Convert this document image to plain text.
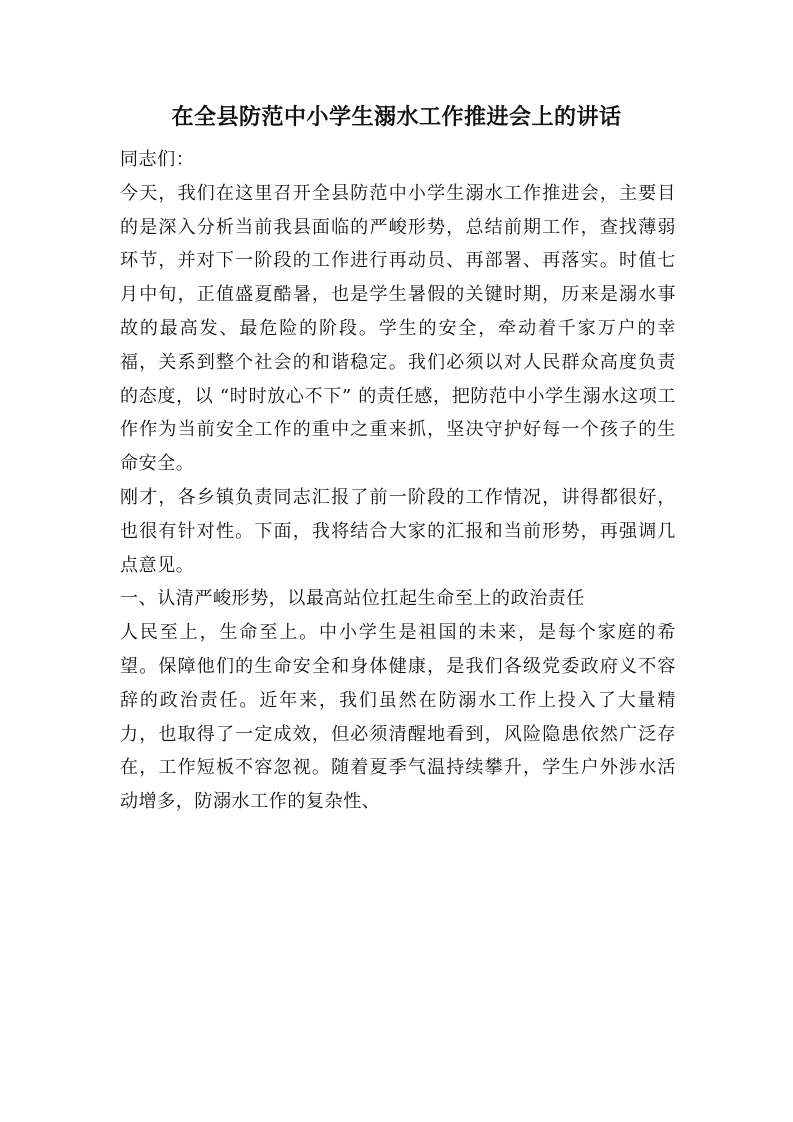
在全县防范中小学生溺水工作推进会上的讲话

同志们：

今天，我们在这里召开全县防范中小学生溺水工作推进会，主要目的是深入分析当前我县面临的严峻形势，总结前期工作，查找薄弱环节，并对下一阶段的工作进行再动员、再部署、再落实。时值七月中旬，正值盛夏酷暑，也是学生暑假的关键时期，历来是溺水事故的最高发、最危险的阶段。学生的安全，牵动着千家万户的幸福，关系到整个社会的和谐稳定。我们必须以对人民群众高度负责的态度，以 “时时放心不下” 的责任感，把防范中小学生溺水这项工作作为当前安全工作的重中之重来抓，坚决守护好每一个孩子的生命安全。

刚才，各乡镇负责同志汇报了前一阶段的工作情况，讲得都很好，也很有针对性。下面，我将结合大家的汇报和当前形势，再强调几点意见。

一、认清严峻形势，以最高站位扛起生命至上的政治责任

人民至上，生命至上。中小学生是祖国的未来，是每个家庭的希望。保障他们的生命安全和身体健康，是我们各级党委政府义不容辞的政治责任。近年来，我们虽然在防溺水工作上投入了大量精力，也取得了一定成效，但必须清醒地看到，风险隐患依然广泛存在，工作短板不容忽视。随着夏季气温持续攀升，学生户外涉水活动增多，防溺水工作的复杂性、
